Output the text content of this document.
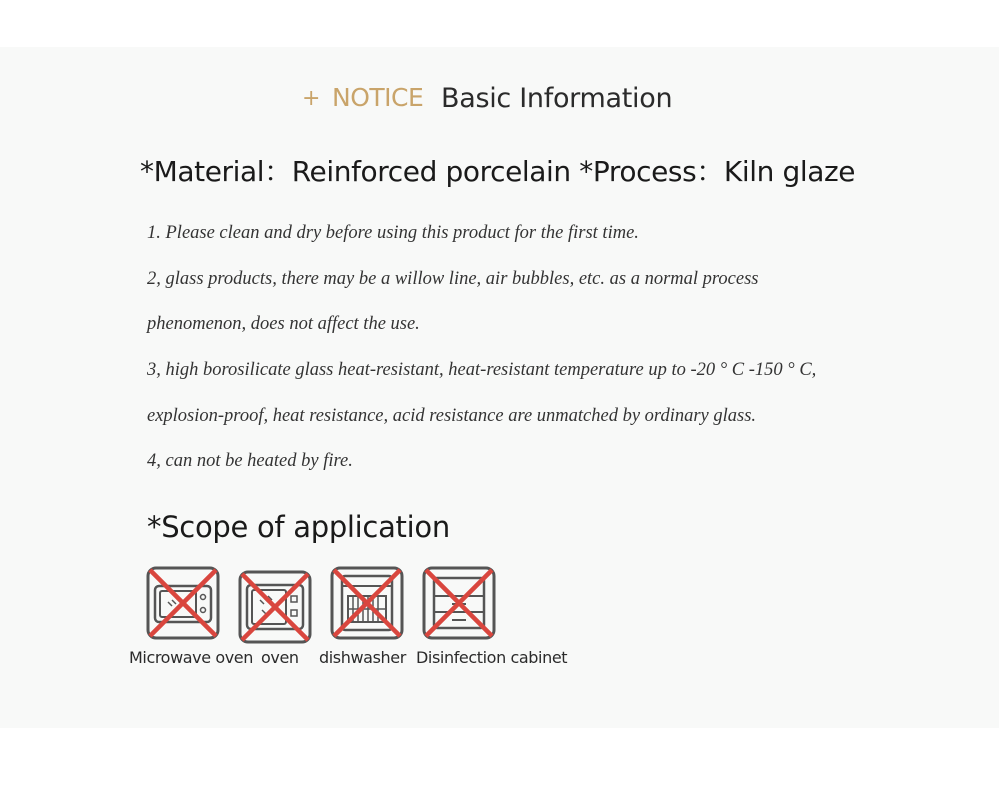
+ NOTICE Basic Information
*Material：Reinforced porcelain *Process：Kiln glaze
1. Please clean and dry before using this product for the first time.
2, glass products, there may be a willow line, air bubbles, etc. as a normal process
phenomenon, does not affect the use.
3, high borosilicate glass heat-resistant, heat-resistant temperature up to -20 ° C -150 ° C,
explosion-proof, heat resistance, acid resistance are unmatched by ordinary glass.
4, can not be heated by fire.
*Scope of application
Microwave oven oven dishwasher Disinfection cabinet
